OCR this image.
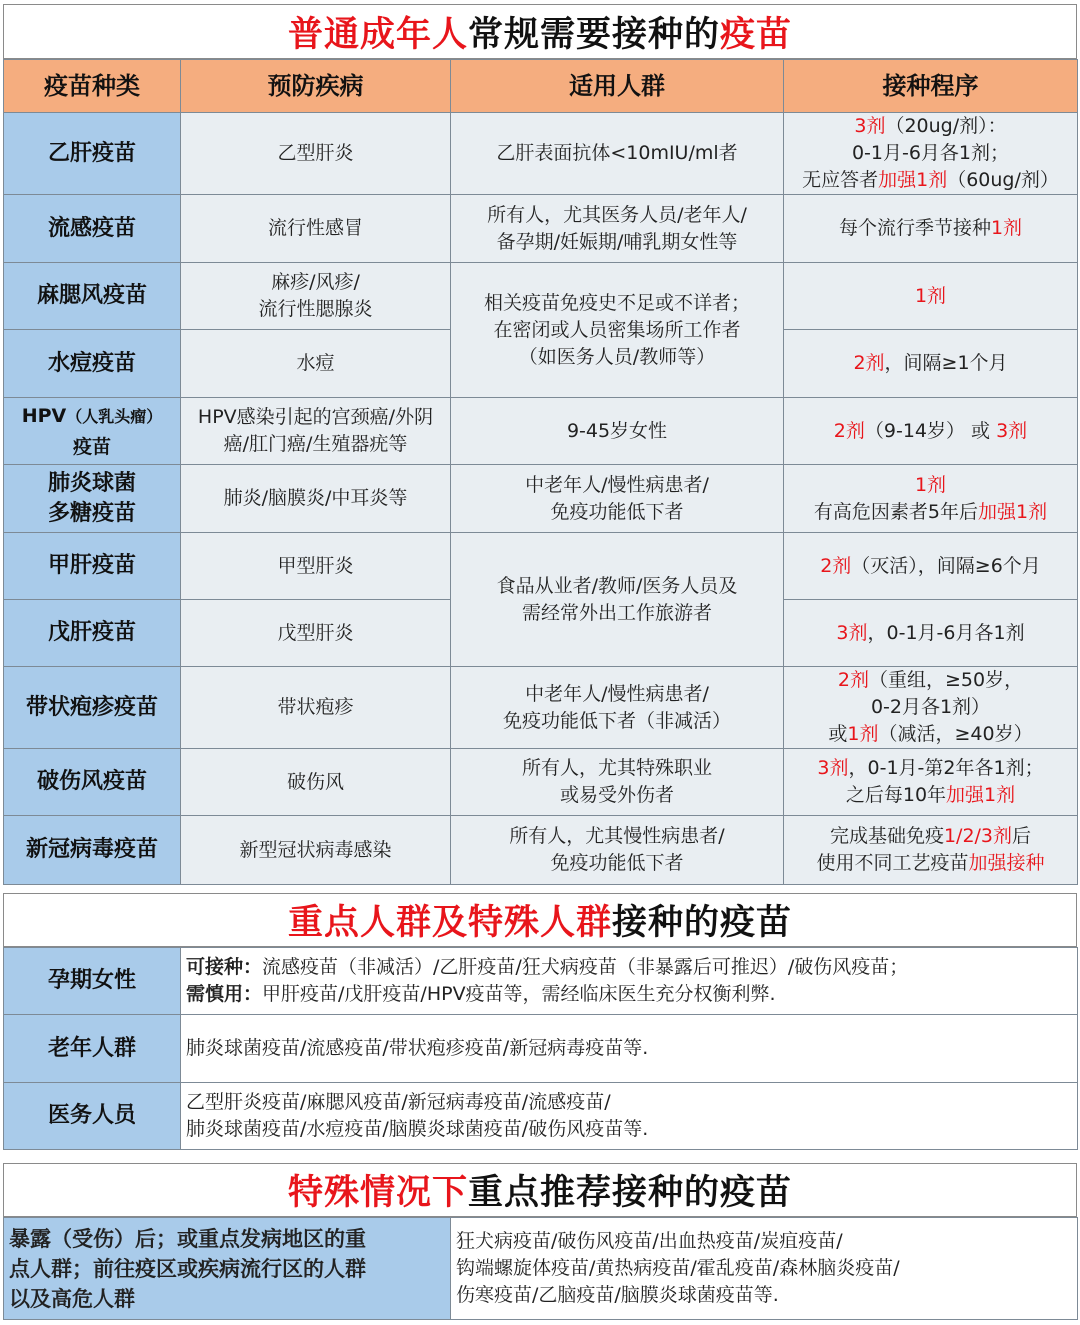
普通成年人 常规需要接种的 疫苗
疫苗种类	预防疾病	适用人群	接种程序
乙肝疫苗	乙型肝炎	乙肝表面抗体<10mIU/ml者	3剂（20ug/剂）：
0-1月-6月各1剂；
无应答者加强1剂（60ug/剂）

流感疫苗	流行性感冒	所有人，尤其医务人员/老年人/
备孕期/妊娠期/哺乳期女性等	每个流行季节接种1剂
麻腮风疫苗	麻疹/风疹/
流行性腮腺炎	相关疫苗免疫史不足或不详者；
在密闭或人员密集场所工作者
（如医务人员/教师等）	1剂
水痘疫苗	水痘		2剂，间隔≥1个月

HPV（人乳头瘤）
疫苗	HPV感染引起的宫颈癌/外阴
癌/肛门癌/生殖器疣等	9-45岁女性	2剂（9-14岁） 或 3剂

肺炎球菌
多糖疫苗	肺炎/脑膜炎/中耳炎等	中老年人/慢性病患者/
免疫功能低下者	1剂
有高危因素者5年后加强1剂

甲肝疫苗	甲型肝炎	食品从业者/教师/医务人员及
需经常外出工作旅游者	2剂（灭活），间隔≥6个月
戊肝疫苗	戊型肝炎		3剂，0-1月-6月各1剂
带状疱疹疫苗	带状疱疹	中老年人/慢性病患者/
免疫功能低下者（非减活）	2剂（重组，≥50岁，
0-2月各1剂）
或1剂（减活，≥40岁）

破伤风疫苗	破伤风	所有人，尤其特殊职业
或易受外伤者	3剂，0-1月-第2年各1剂；
之后每10年加强1剂

新冠病毒疫苗	新型冠状病毒感染	所有人，尤其慢性病患者/
免疫功能低下者	完成基础免疫1/2/3剂后
使用不同工艺疫苗加强接种
重点人群及特殊人群 接种的疫苗
孕期女性	可接种：流感疫苗（非减活）/乙肝疫苗/狂犬病疫苗（非暴露后可推迟）/破伤风疫苗；
需慎用：甲肝疫苗/戊肝疫苗/HPV疫苗等，需经临床医生充分权衡利弊.

老年人群	肺炎球菌疫苗/流感疫苗/带状疱疹疫苗/新冠病毒疫苗等.
医务人员	乙型肝炎疫苗/麻腮风疫苗/新冠病毒疫苗/流感疫苗/
肺炎球菌疫苗/水痘疫苗/脑膜炎球菌疫苗/破伤风疫苗等.
特殊情况下 重点推荐接种的疫苗
暴露（受伤）后；或重点发病地区的重
点人群；前往疫区或疾病流行区的人群
以及高危人群

狂犬病疫苗/破伤风疫苗/出血热疫苗/炭疽疫苗/
钩端螺旋体疫苗/黄热病疫苗/霍乱疫苗/森林脑炎疫苗/
伤寒疫苗/乙脑疫苗/脑膜炎球菌疫苗等.
